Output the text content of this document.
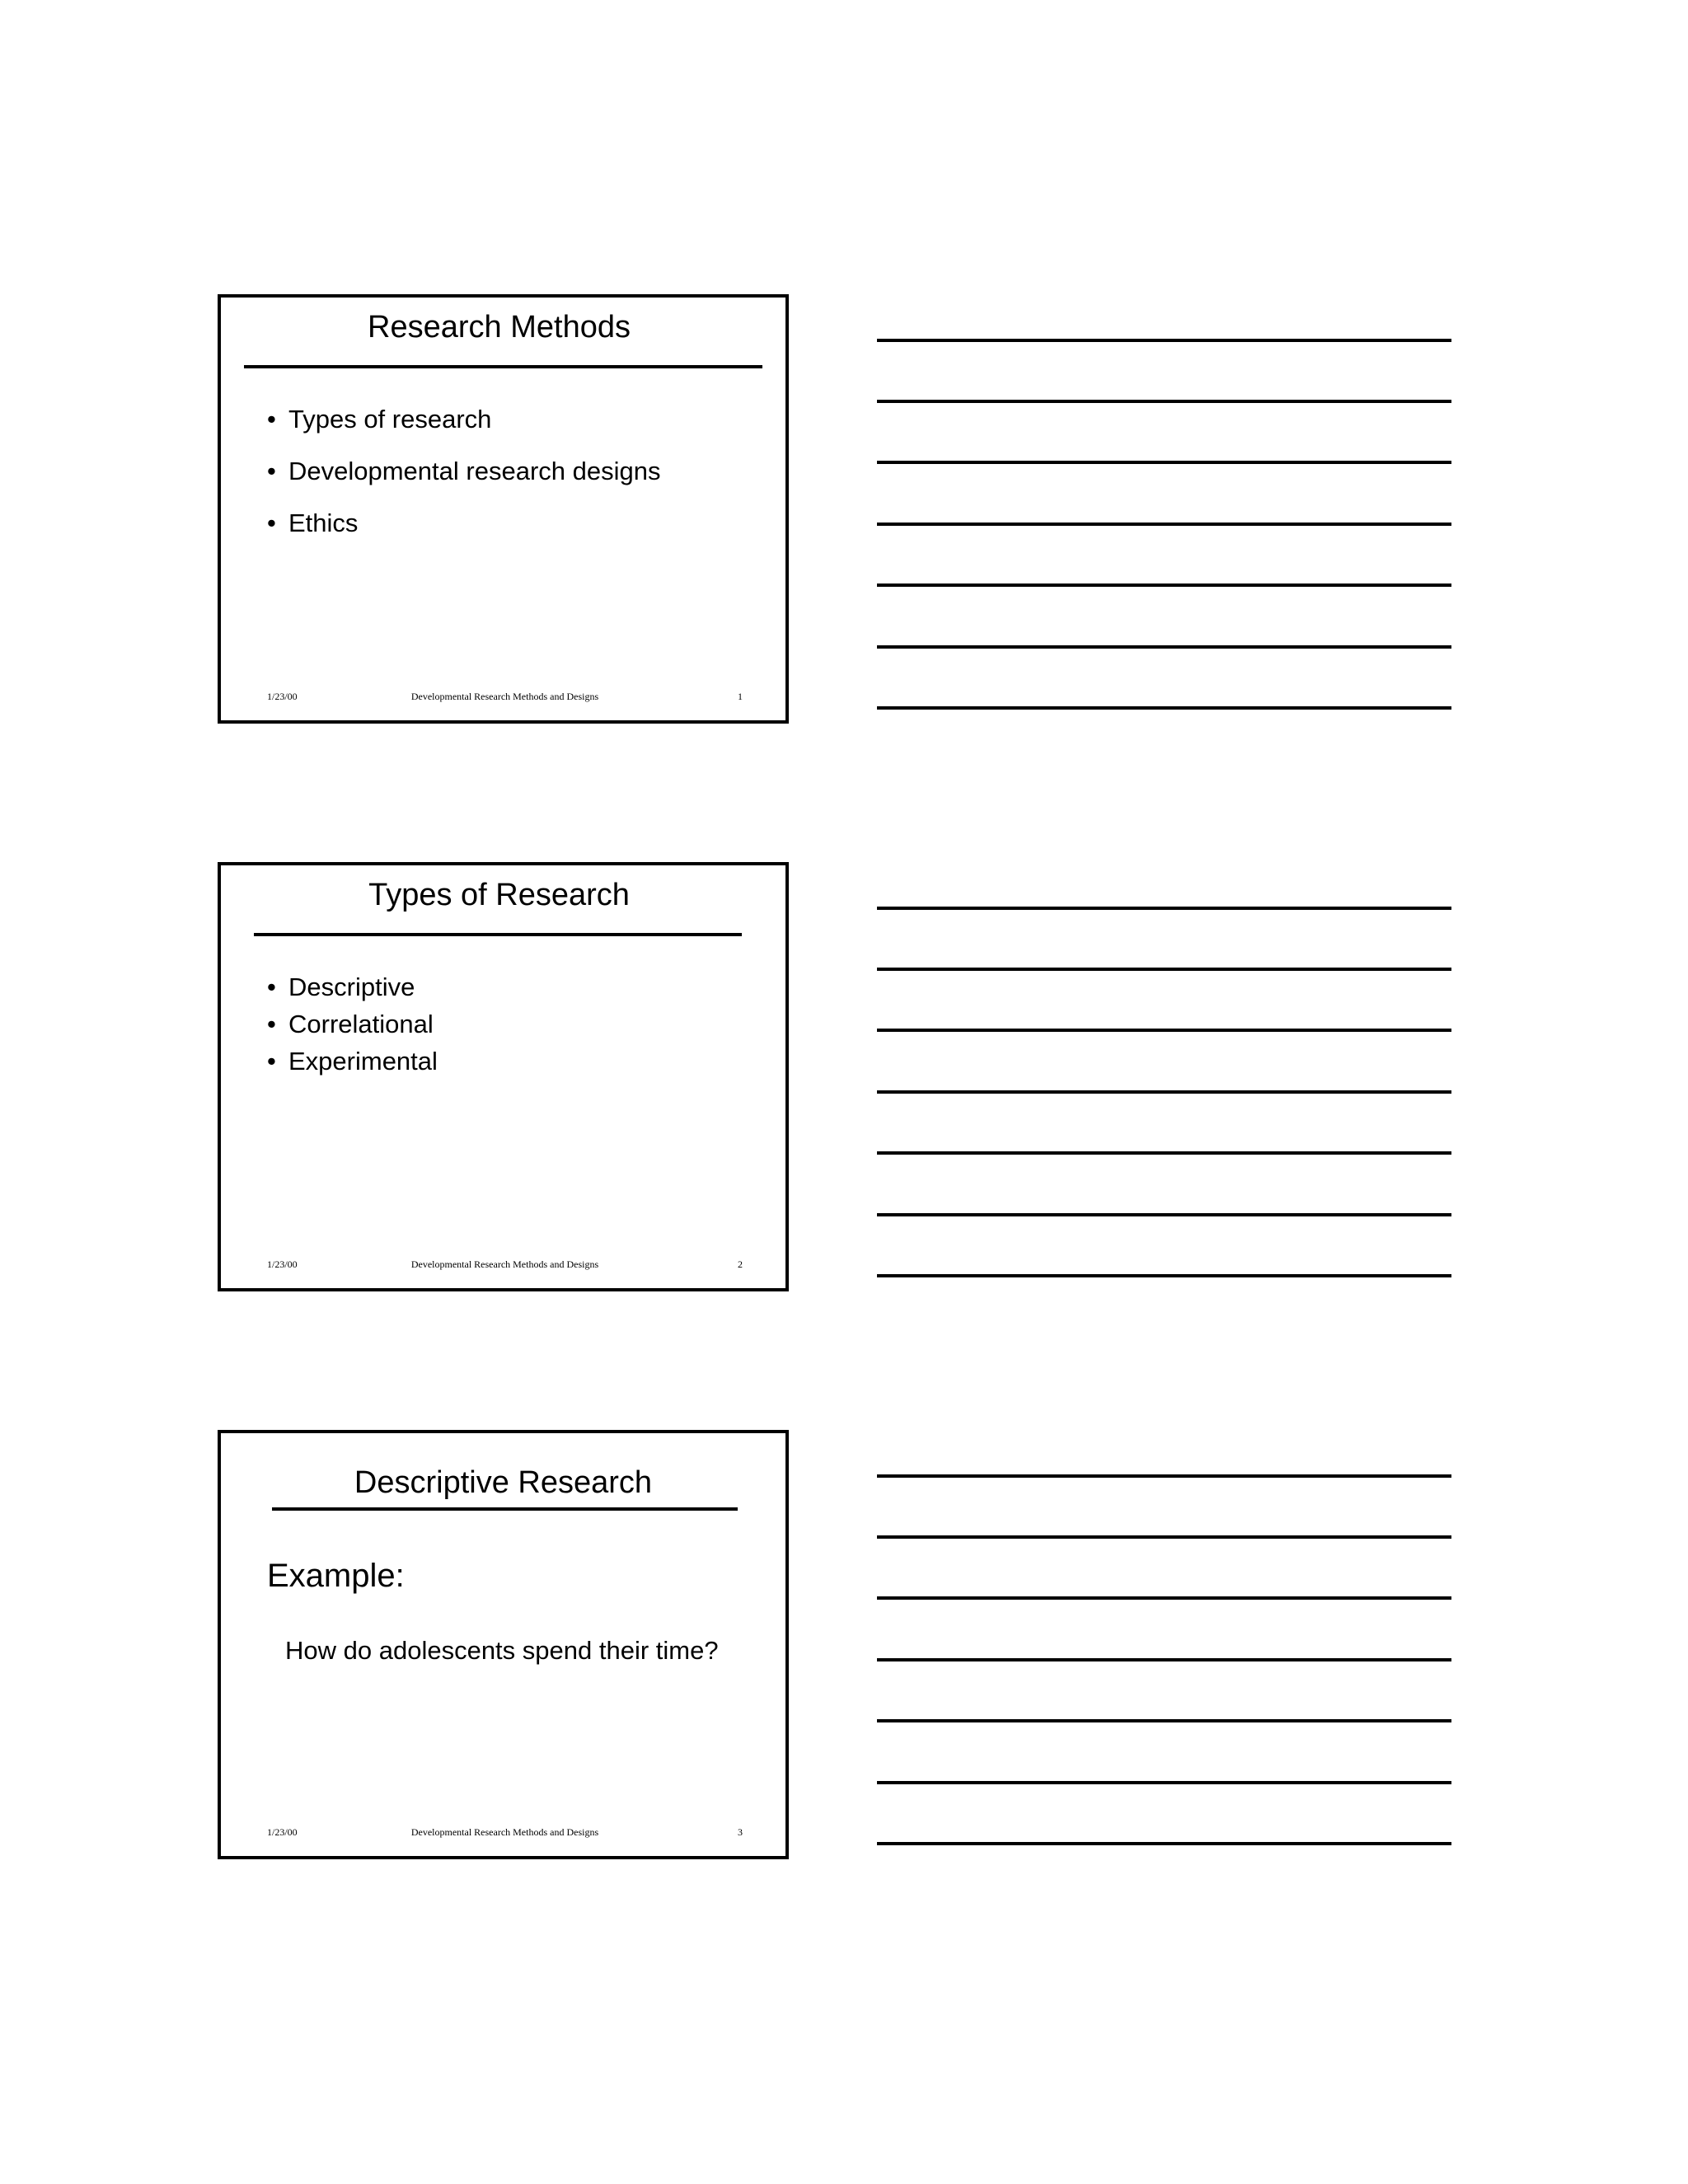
Research Methods
• Types of research
• Developmental research designs
• Ethics
1/23/00	Developmental Research Methods and Designs	1
Types of Research
• Descriptive
• Correlational
• Experimental
1/23/00	Developmental Research Methods and Designs	2
Descriptive Research
Example:
How do adolescents spend their time?
1/23/00	Developmental Research Methods and Designs	3
